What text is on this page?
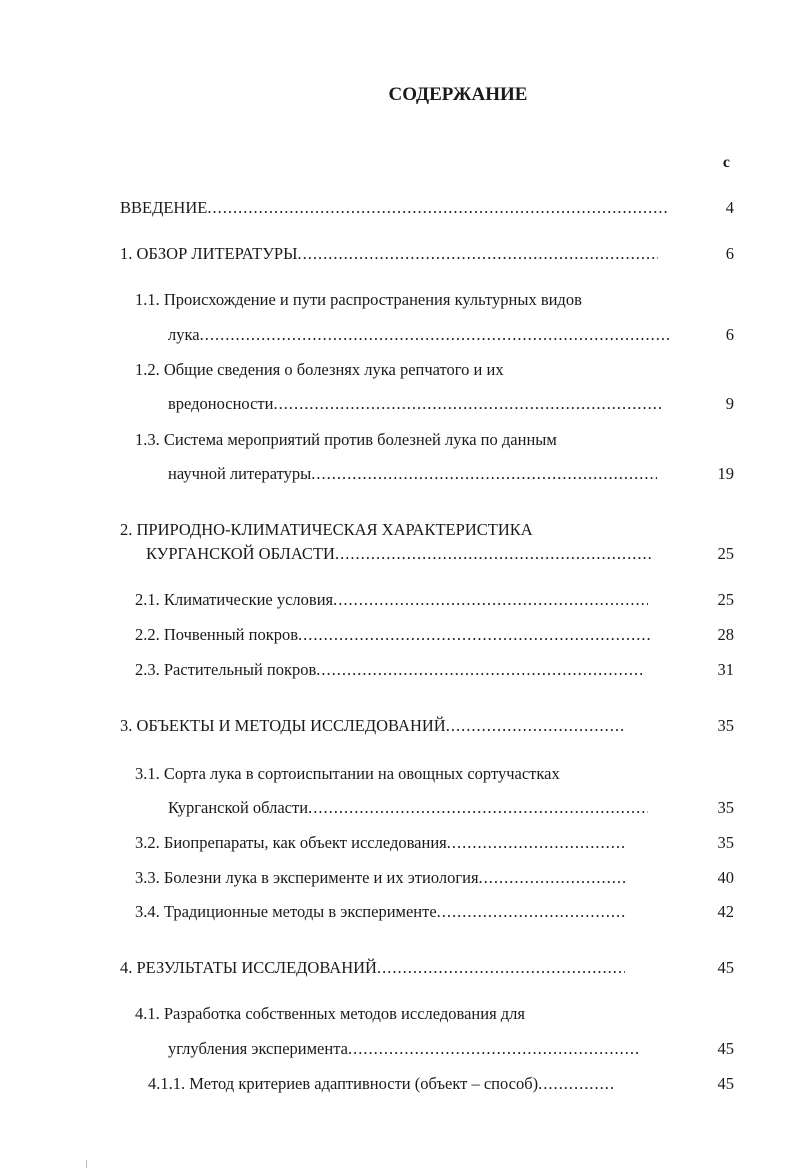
СОДЕРЖАНИЕ
с
ВВЕДЕНИЕ .....	4
1. ОБЗОР ЛИТЕРАТУРЫ .....	6
1.1. Происхождение и пути распространения культурных видов
лука .....	6
1.2. Общие сведения о болезнях лука репчатого и их
вредоносности .....	9
1.3. Система мероприятий против болезней лука по данным
научной литературы .....	19
2. ПРИРОДНО-КЛИМАТИЧЕСКАЯ ХАРАКТЕРИСТИКА
КУРГАНСКОЙ ОБЛАСТИ .....	25
2.1. Климатические условия .....	25
2.2. Почвенный покров .....	28
2.3. Растительный покров .....	31
3. ОБЪЕКТЫ И МЕТОДЫ ИССЛЕДОВАНИЙ .....	35
3.1. Сорта лука в сортоиспытании на овощных сортучастках
Курганской области .....	35
3.2. Биопрепараты, как объект исследования .....	35
3.3. Болезни лука в эксперименте и их этиология .....	40
3.4. Традиционные методы в эксперименте .....	42
4. РЕЗУЛЬТАТЫ ИССЛЕДОВАНИЙ .....	45
4.1. Разработка собственных методов исследования для
углубления эксперимента .....	45
4.1.1. Метод критериев адаптивности (объект – способ) .....	45
